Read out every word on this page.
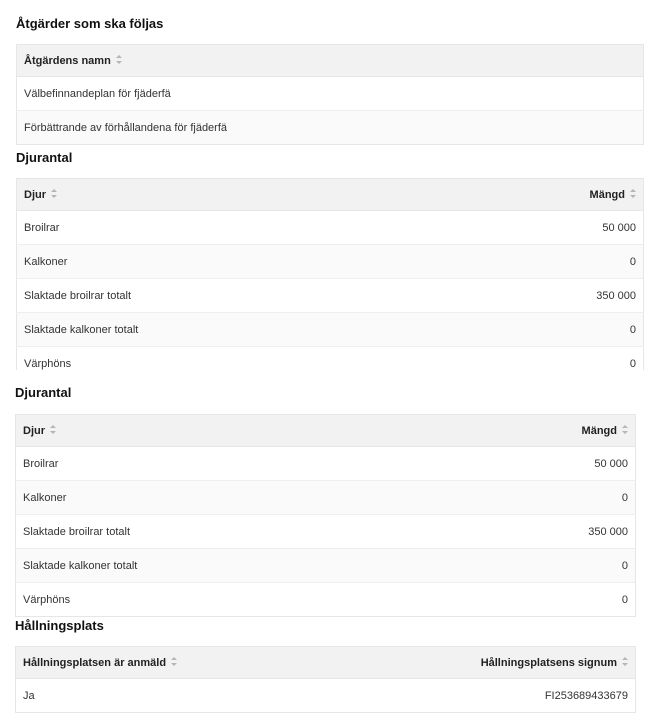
Åtgärder som ska följas
Åtgärdens namn
Välbefinnandeplan för fjäderfä
Förbättrande av förhållandena för fjäderfä
Djurantal
Djur	Mängd
Broilrar	50 000
Kalkoner	0
Slaktade broilrar totalt	350 000
Slaktade kalkoner totalt	0
Värphöns	0
Djurantal
Djur	Mängd
Broilrar	50 000
Kalkoner	0
Slaktade broilrar totalt	350 000
Slaktade kalkoner totalt	0
Värphöns	0
Hållningsplats
Hållningsplatsen är anmäld	Hållningsplatsens signum
Ja	FI253689433679
